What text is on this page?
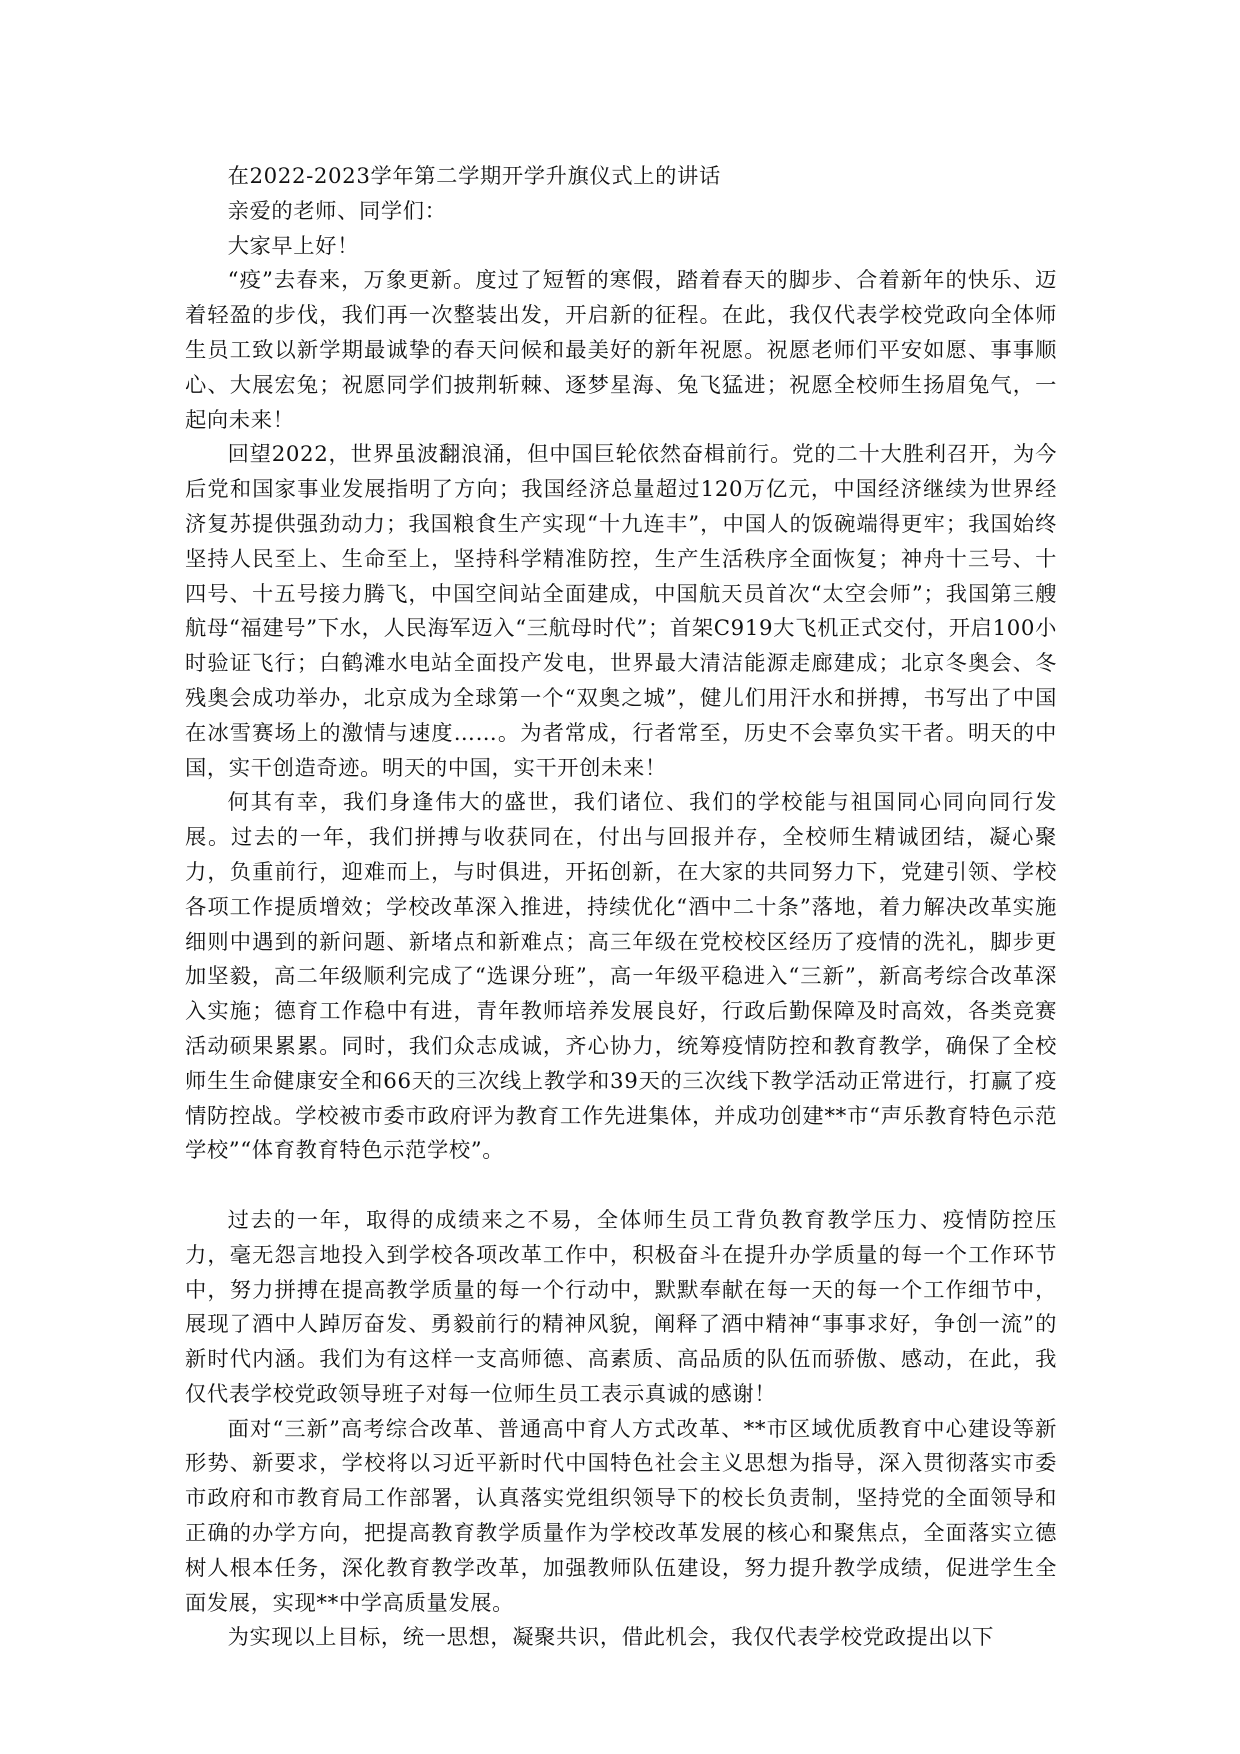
在2022-2023学年第二学期开学升旗仪式上的讲话

亲爱的老师、同学们：

大家早上好！

“疫”去春来，万象更新。度过了短暂的寒假，踏着春天的脚步、合着新年的快乐、迈着轻盈的步伐，我们再一次整装出发，开启新的征程。在此，我仅代表学校党政向全体师生员工致以新学期最诚挚的春天问候和最美好的新年祝愿。祝愿老师们平安如愿、事事顺心、大展宏兔；祝愿同学们披荆斩棘、逐梦星海、兔飞猛进；祝愿全校师生扬眉兔气，一起向未来！

回望2022，世界虽波翻浪涌，但中国巨轮依然奋楫前行。党的二十大胜利召开，为今后党和国家事业发展指明了方向；我国经济总量超过120万亿元，中国经济继续为世界经济复苏提供强劲动力；我国粮食生产实现“十九连丰”，中国人的饭碗端得更牢；我国始终坚持人民至上、生命至上，坚持科学精准防控，生产生活秩序全面恢复；神舟十三号、十四号、十五号接力腾飞，中国空间站全面建成，中国航天员首次“太空会师”；我国第三艘航母“福建号”下水，人民海军迈入“三航母时代”；首架C919大飞机正式交付，开启100小时验证飞行；白鹤滩水电站全面投产发电，世界最大清洁能源走廊建成；北京冬奥会、冬残奥会成功举办，北京成为全球第一个“双奥之城”，健儿们用汗水和拼搏，书写出了中国在冰雪赛场上的激情与速度……。为者常成，行者常至，历史不会辜负实干者。明天的中国，实干创造奇迹。明天的中国，实干开创未来！

何其有幸，我们身逢伟大的盛世，我们诸位、我们的学校能与祖国同心同向同行发展。过去的一年，我们拼搏与收获同在，付出与回报并存，全校师生精诚团结，凝心聚力，负重前行，迎难而上，与时俱进，开拓创新，在大家的共同努力下，党建引领、学校各项工作提质增效；学校改革深入推进，持续优化“酒中二十条”落地，着力解决改革实施细则中遇到的新问题、新堵点和新难点；高三年级在党校校区经历了疫情的洗礼，脚步更加坚毅，高二年级顺利完成了“选课分班”，高一年级平稳进入“三新”，新高考综合改革深入实施；德育工作稳中有进，青年教师培养发展良好，行政后勤保障及时高效，各类竞赛活动硕果累累。同时，我们众志成诚，齐心协力，统筹疫情防控和教育教学，确保了全校师生生命健康安全和66天的三次线上教学和39天的三次线下教学活动正常进行，打赢了疫情防控战。学校被市委市政府评为教育工作先进集体，并成功创建**市“声乐教育特色示范学校”“体育教育特色示范学校”。

过去的一年，取得的成绩来之不易，全体师生员工背负教育教学压力、疫情防控压力，毫无怨言地投入到学校各项改革工作中，积极奋斗在提升办学质量的每一个工作环节中，努力拼搏在提高教学质量的每一个行动中，默默奉献在每一天的每一个工作细节中，展现了酒中人踔厉奋发、勇毅前行的精神风貌，阐释了酒中精神“事事求好，争创一流”的新时代内涵。我们为有这样一支高师德、高素质、高品质的队伍而骄傲、感动，在此，我仅代表学校党政领导班子对每一位师生员工表示真诚的感谢！

面对“三新”高考综合改革、普通高中育人方式改革、**市区域优质教育中心建设等新形势、新要求，学校将以习近平新时代中国特色社会主义思想为指导，深入贯彻落实市委市政府和市教育局工作部署，认真落实党组织领导下的校长负责制，坚持党的全面领导和正确的办学方向，把提高教育教学质量作为学校改革发展的核心和聚焦点，全面落实立德树人根本任务，深化教育教学改革，加强教师队伍建设，努力提升教学成绩，促进学生全面发展，实现**中学高质量发展。

为实现以上目标，统一思想，凝聚共识，借此机会，我仅代表学校党政提出以下
